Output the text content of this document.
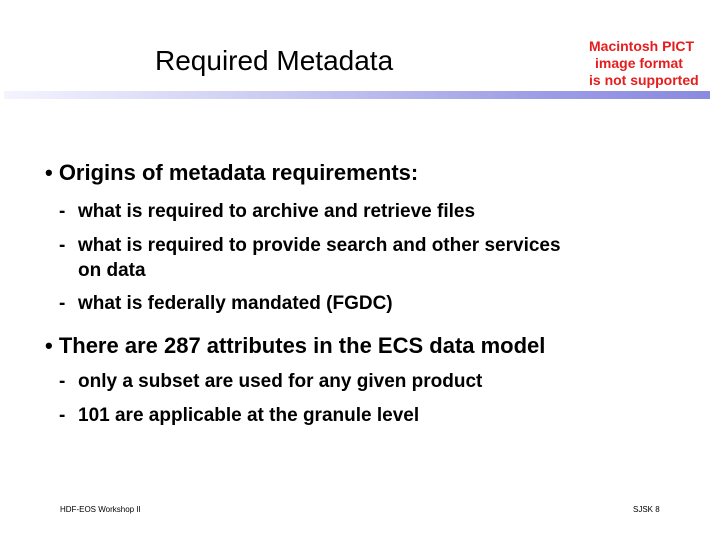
Required Metadata	Macintosh PICT
image format
is not supported
• Origins of metadata requirements:
- what is required to archive and retrieve files
- what is required to provide search and other services
on data
- what is federally mandated (FGDC)
• There are 287 attributes in the ECS data model
- only a subset are used for any given product
- 101 are applicable at the granule level
HDF-EOS Workshop II	SJSK 8
